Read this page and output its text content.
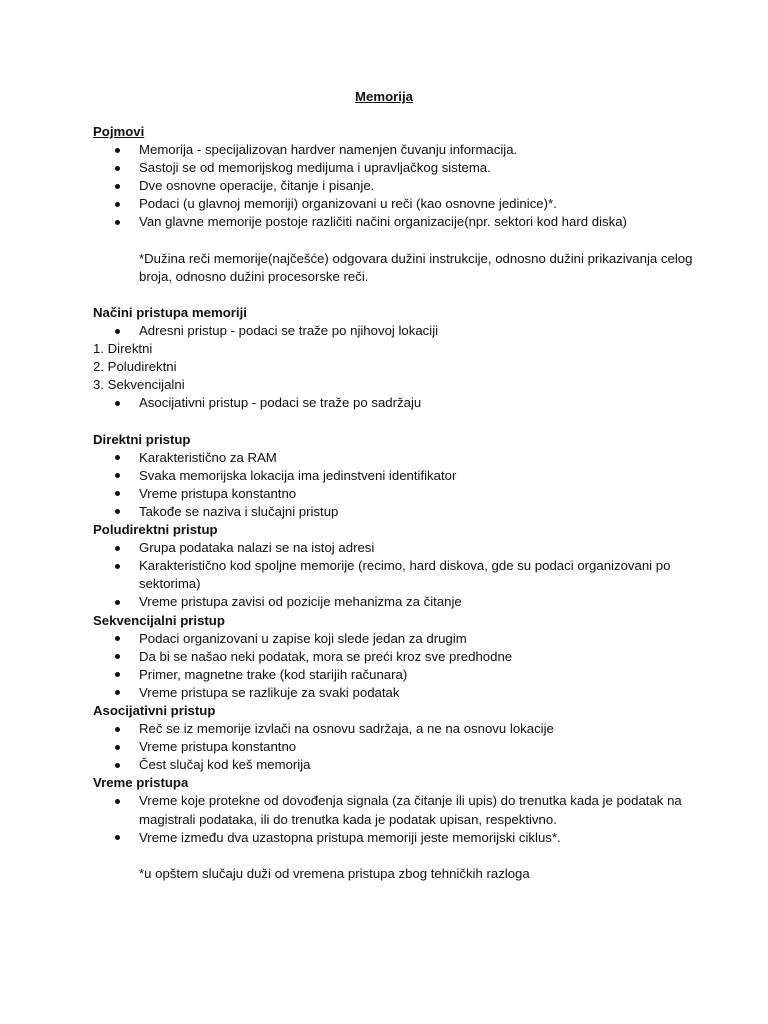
Memorija
Pojmovi
Memorija - specijalizovan hardver namenjen čuvanju informacija.
Sastoji se od memorijskog medijuma i upravljačkog sistema.
Dve osnovne operacije, čitanje i pisanje.
Podaci (u glavnoj memoriji) organizovani u reči (kao osnovne jedinice)*.
Van glavne memorije postoje različiti načini organizacije(npr. sektori kod hard diska)
*Dužina reči memorije(najčešće) odgovara dužini instrukcije, odnosno dužini prikazivanja celog broja, odnosno dužini procesorske reči.
Načini pristupa memoriji
Adresni pristup - podaci se traže po njihovoj lokaciji
1. Direktni
2. Poludirektni
3. Sekvencijalni
Asocijativni pristup - podaci se traže po sadržaju
Direktni pristup
Karakteristično za RAM
Svaka memorijska lokacija ima jedinstveni identifikator
Vreme pristupa konstantno
Takođe se naziva i slučajni pristup
Poludirektni pristup
Grupa podataka nalazi se na istoj adresi
Karakteristično kod spoljne memorije (recimo, hard diskova, gde su podaci organizovani po sektorima)
Vreme pristupa zavisi od pozicije mehanizma za čitanje
Sekvencijalni pristup
Podaci organizovani u zapise koji slede jedan za drugim
Da bi se našao neki podatak, mora se preći kroz sve predhodne
Primer, magnetne trake (kod starijih računara)
Vreme pristupa se razlikuje za svaki podatak
Asocijativni pristup
Reč se iz memorije izvlači na osnovu sadržaja, a ne na osnovu lokacije
Vreme pristupa konstantno
Čest slučaj kod keš memorija
Vreme pristupa
Vreme koje protekne od dovođenja signala (za čitanje ili upis) do trenutka kada je podatak na magistrali podataka, ili do trenutka kada je podatak upisan, respektivno.
Vreme između dva uzastopna pristupa memoriji jeste memorijski ciklus*.
*u opštem slučaju duži od vremena pristupa zbog tehničkih razloga
